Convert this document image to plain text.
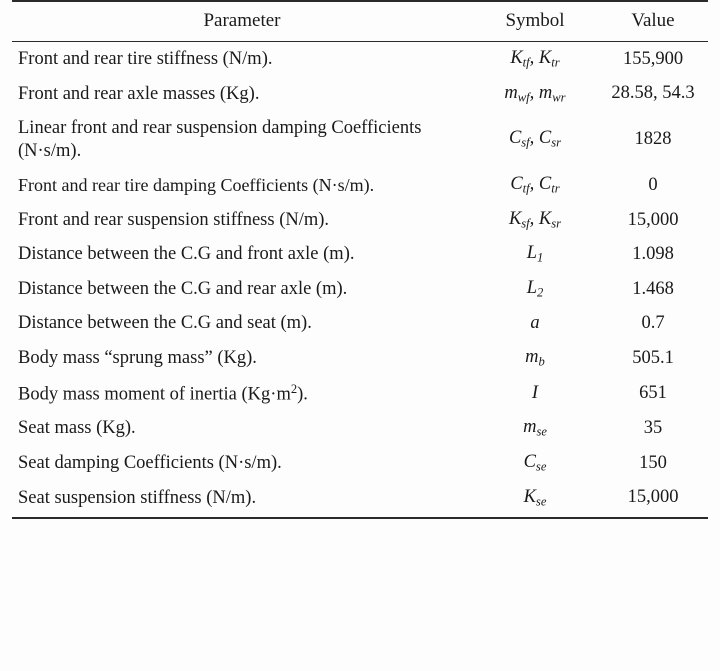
Parameter	Symbol	Value
Front and rear tire stiffness (N/m).	$K_{tf}$, $K_{tr}$	155,900
Front and rear axle masses (Kg).	$m_{wf}$, $m_{wr}$	28.58, 54.3
Linear front and rear suspension damping Coefficients (N·s/m).	$C_{sf}$, $C_{sr}$	1828
Front and rear tire damping Coefficients (N·s/m).	$C_{tf}$, $C_{tr}$	0
Front and rear suspension stiffness (N/m).	$K_{sf}$, $K_{sr}$	15,000
Distance between the C.G and front axle (m).	$L_1$	1.098
Distance between the C.G and rear axle (m).	$L_2$	1.468
Distance between the C.G and seat (m).	a	0.7
Body mass “sprung mass” (Kg).	$m_b$	505.1
Body mass moment of inertia $(Kg\cdot m^2)$.	I	651
Seat mass (Kg).	$m_{se}$	35
Seat damping Coefficients (N·s/m).	$C_{se}$	150
Seat suspension stiffness (N/m).	$K_{se}$	15,000
